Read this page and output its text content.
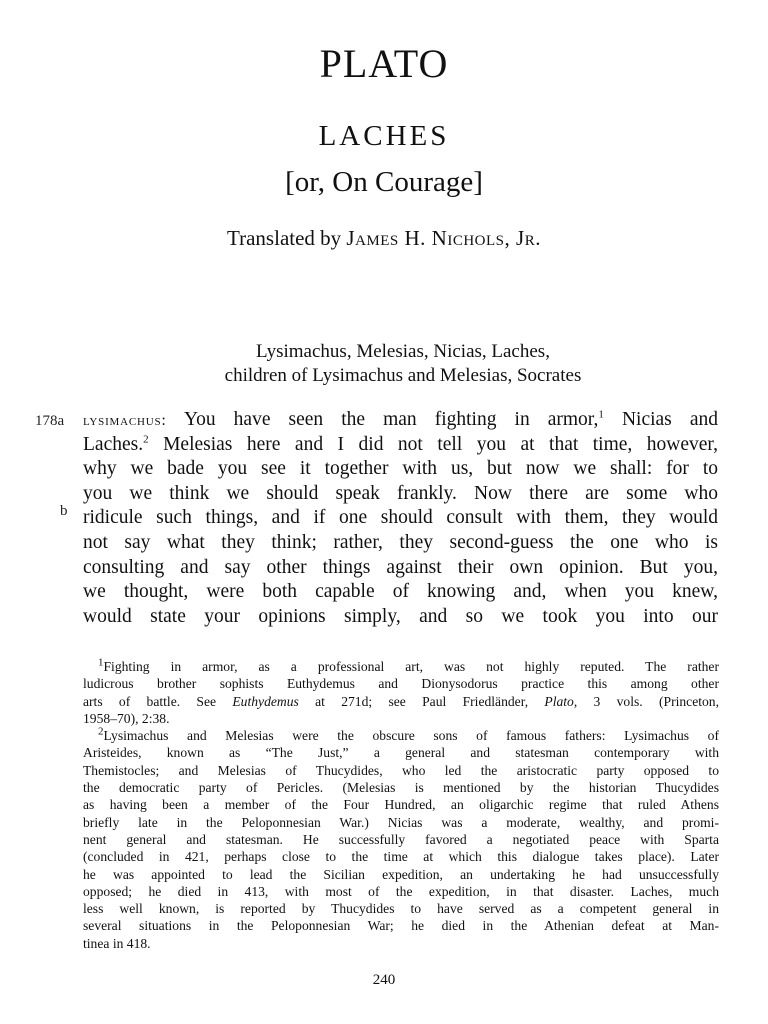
PLATO
LACHES
[or, On Courage]
Translated by James H. Nichols, Jr.
Lysimachus, Melesias, Nicias, Laches,
children of Lysimachus and Melesias, Socrates
178a
b
lysimachus: You have seen the man fighting in armor,$^1$ Nicias and
Laches.$^2$ Melesias here and I did not tell you at that time, however,
why we bade you see it together with us, but now we shall: for to
you we think we should speak frankly. Now there are some who
ridicule such things, and if one should consult with them, they would
not say what they think; rather, they second-guess the one who is
consulting and say other things against their own opinion. But you,
we thought, were both capable of knowing and, when you knew,
would state your opinions simply, and so we took you into our
$^1$Fighting in armor, as a professional art, was not highly reputed. The rather
ludicrous brother sophists Euthydemus and Dionysodorus practice this among other
arts of battle. See Euthydemus at 271d; see Paul Friedländer, Plato, 3 vols. (Princeton,
1958–70), 2:38.
$^2$Lysimachus and Melesias were the obscure sons of famous fathers: Lysimachus of
Aristeides, known as “The Just,” a general and statesman contemporary with
Themistocles; and Melesias of Thucydides, who led the aristocratic party opposed to
the democratic party of Pericles. (Melesias is mentioned by the historian Thucydides
as having been a member of the Four Hundred, an oligarchic regime that ruled Athens
briefly late in the Peloponnesian War.) Nicias was a moderate, wealthy, and promi-
nent general and statesman. He successfully favored a negotiated peace with Sparta
(concluded in 421, perhaps close to the time at which this dialogue takes place). Later
he was appointed to lead the Sicilian expedition, an undertaking he had unsuccessfully
opposed; he died in 413, with most of the expedition, in that disaster. Laches, much
less well known, is reported by Thucydides to have served as a competent general in
several situations in the Peloponnesian War; he died in the Athenian defeat at Man-
tinea in 418.
240
